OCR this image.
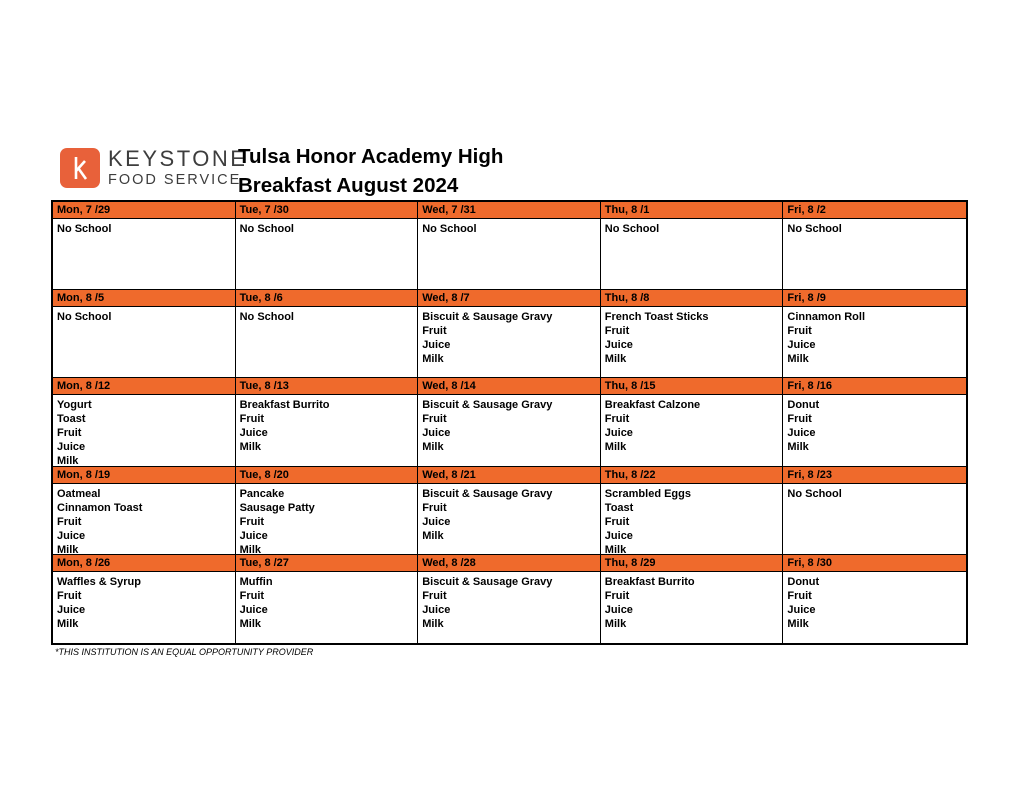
KEYSTONE
FOOD SERVICE
Tulsa Honor Academy High
Breakfast August 2024
Mon, 7 /29
No School
Tue, 7 /30
No School
Wed, 7 /31
No School
Thu, 8 /1
No School
Fri, 8 /2
No School
Mon, 8 /5
No School
Tue, 8 /6
No School
Wed, 8 /7
Biscuit & Sausage Gravy
Fruit
Juice
Milk
Thu, 8 /8
French Toast Sticks
Fruit
Juice
Milk
Fri, 8 /9
Cinnamon Roll
Fruit
Juice
Milk
Mon, 8 /12
Yogurt
Toast
Fruit
Juice
Milk
Tue, 8 /13
Breakfast Burrito
Fruit
Juice
Milk
Wed, 8 /14
Biscuit & Sausage Gravy
Fruit
Juice
Milk
Thu, 8 /15
Breakfast Calzone
Fruit
Juice
Milk
Fri, 8 /16
Donut
Fruit
Juice
Milk
Mon, 8 /19
Oatmeal
Cinnamon Toast
Fruit
Juice
Milk
Tue, 8 /20
Pancake
Sausage Patty
Fruit
Juice
Milk
Wed, 8 /21
Biscuit & Sausage Gravy
Fruit
Juice
Milk
Thu, 8 /22
Scrambled Eggs
Toast
Fruit
Juice
Milk
Fri, 8 /23
No School
Mon, 8 /26
Waffles & Syrup
Fruit
Juice
Milk
Tue, 8 /27
Muffin
Fruit
Juice
Milk
Wed, 8 /28
Biscuit & Sausage Gravy
Fruit
Juice
Milk
Thu, 8 /29
Breakfast Burrito
Fruit
Juice
Milk
Fri, 8 /30
Donut
Fruit
Juice
Milk
*THIS INSTITUTION IS AN EQUAL OPPORTUNITY PROVIDER
